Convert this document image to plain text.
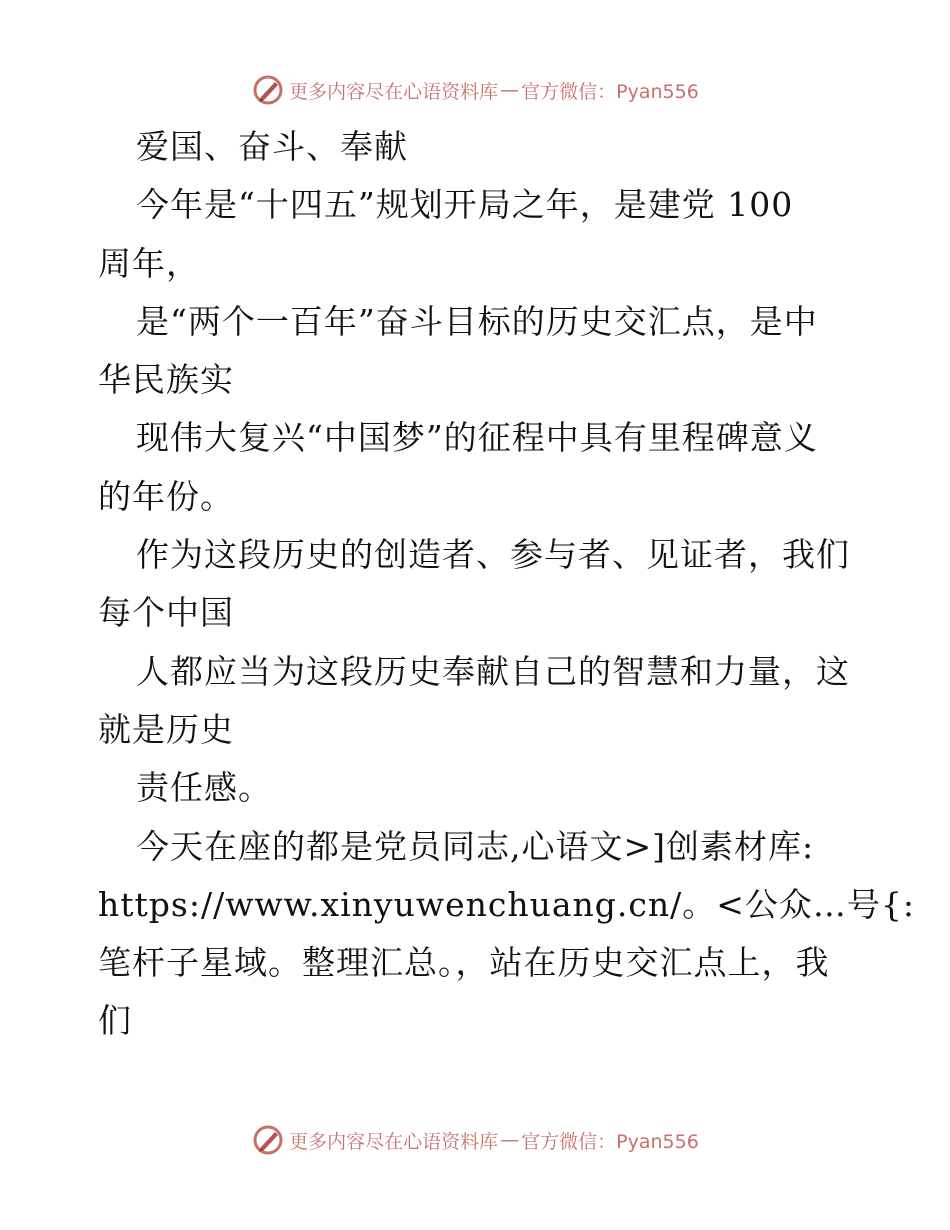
更多内容尽在心语资料库 — 官方微信：Pyan556
爱国、奋斗、奉献
今年是“十四五”规划开局之年，是建党 100
周年，
是“两个一百年”奋斗目标的历史交汇点，是中
华民族实
现伟大复兴“中国梦”的征程中具有里程碑意义
的年份。
作为这段历史的创造者、参与者、见证者，我们
每个中国
人都应当为这段历史奉献自己的智慧和力量，这
就是历史
责任感。
今天在座的都是党员同志,心语文>]创素材库:
https://www.xinyuwenchuang.cn/。<公众…号{:
笔杆子星域。整理汇总。，站在历史交汇点上，我
们
更多内容尽在心语资料库 — 官方微信：Pyan556
